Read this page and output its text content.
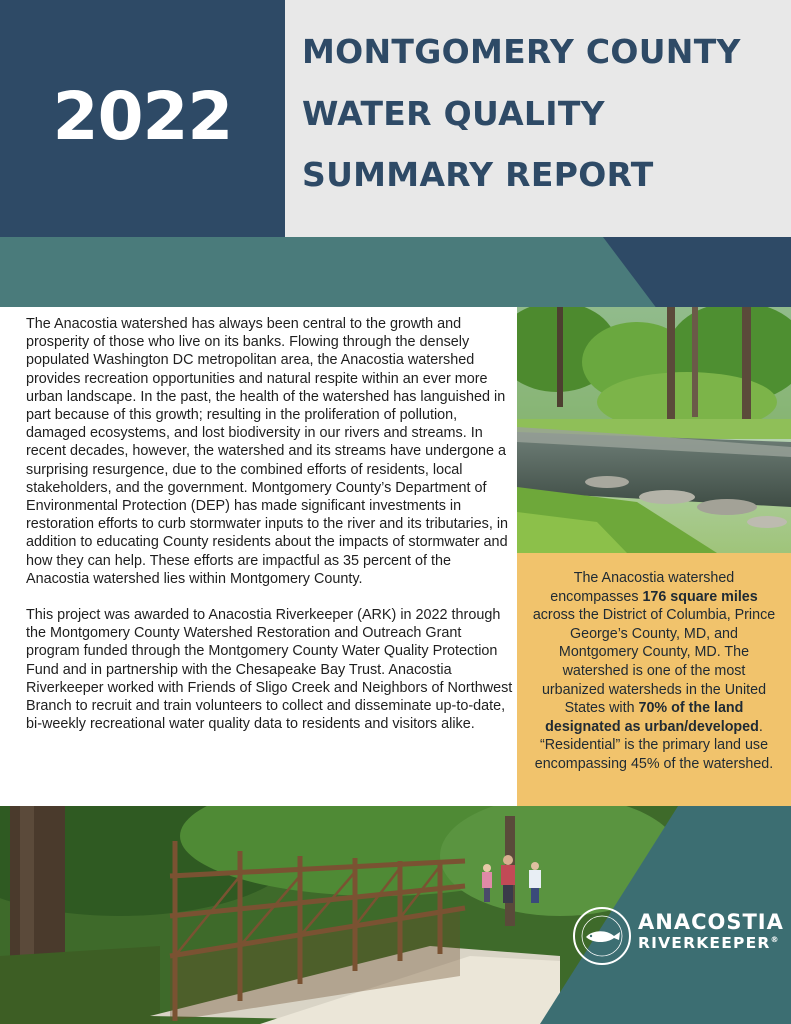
2022
MONTGOMERY COUNTY
WATER QUALITY
SUMMARY REPORT

The Anacostia watershed has always been central to the growth and prosperity of those who live on its banks. Flowing through the densely populated Washington DC metropolitan area, the Anacostia watershed provides recreation opportunities and natural respite within an ever more urban landscape. In the past, the health of the watershed has languished in part because of this growth; resulting in the proliferation of pollution, damaged ecosystems, and lost biodiversity in our rivers and streams. In recent decades, however, the watershed and its streams have undergone a surprising resurgence, due to the combined efforts of residents, local stakeholders, and the government. Montgomery County’s Department of Environmental Protection (DEP) has made significant investments in restoration efforts to curb stormwater inputs to the river and its tributaries, in addition to educating County residents about the impacts of stormwater and how they can help. These efforts are impactful as 35 percent of the Anacostia watershed lies within Montgomery County.

This project was awarded to Anacostia Riverkeeper (ARK) in 2022 through the Montgomery County Watershed Restoration and Outreach Grant program funded through the Montgomery County Water Quality Protection Fund and in partnership with the Chesapeake Bay Trust. Anacostia Riverkeeper worked with Friends of Sligo Creek and Neighbors of Northwest Branch to recruit and train volunteers to collect and disseminate up-to-date, bi-weekly recreational water quality data to residents and visitors alike.

The Anacostia watershed encompasses 176 square miles across the District of Columbia, Prince George’s County, MD, and Montgomery County, MD. The watershed is one of the most urbanized watersheds in the United States with 70% of the land designated as urban/developed. “Residential” is the primary land use encompassing 45% of the watershed.
ANACOSTIA
RIVERKEEPER®
